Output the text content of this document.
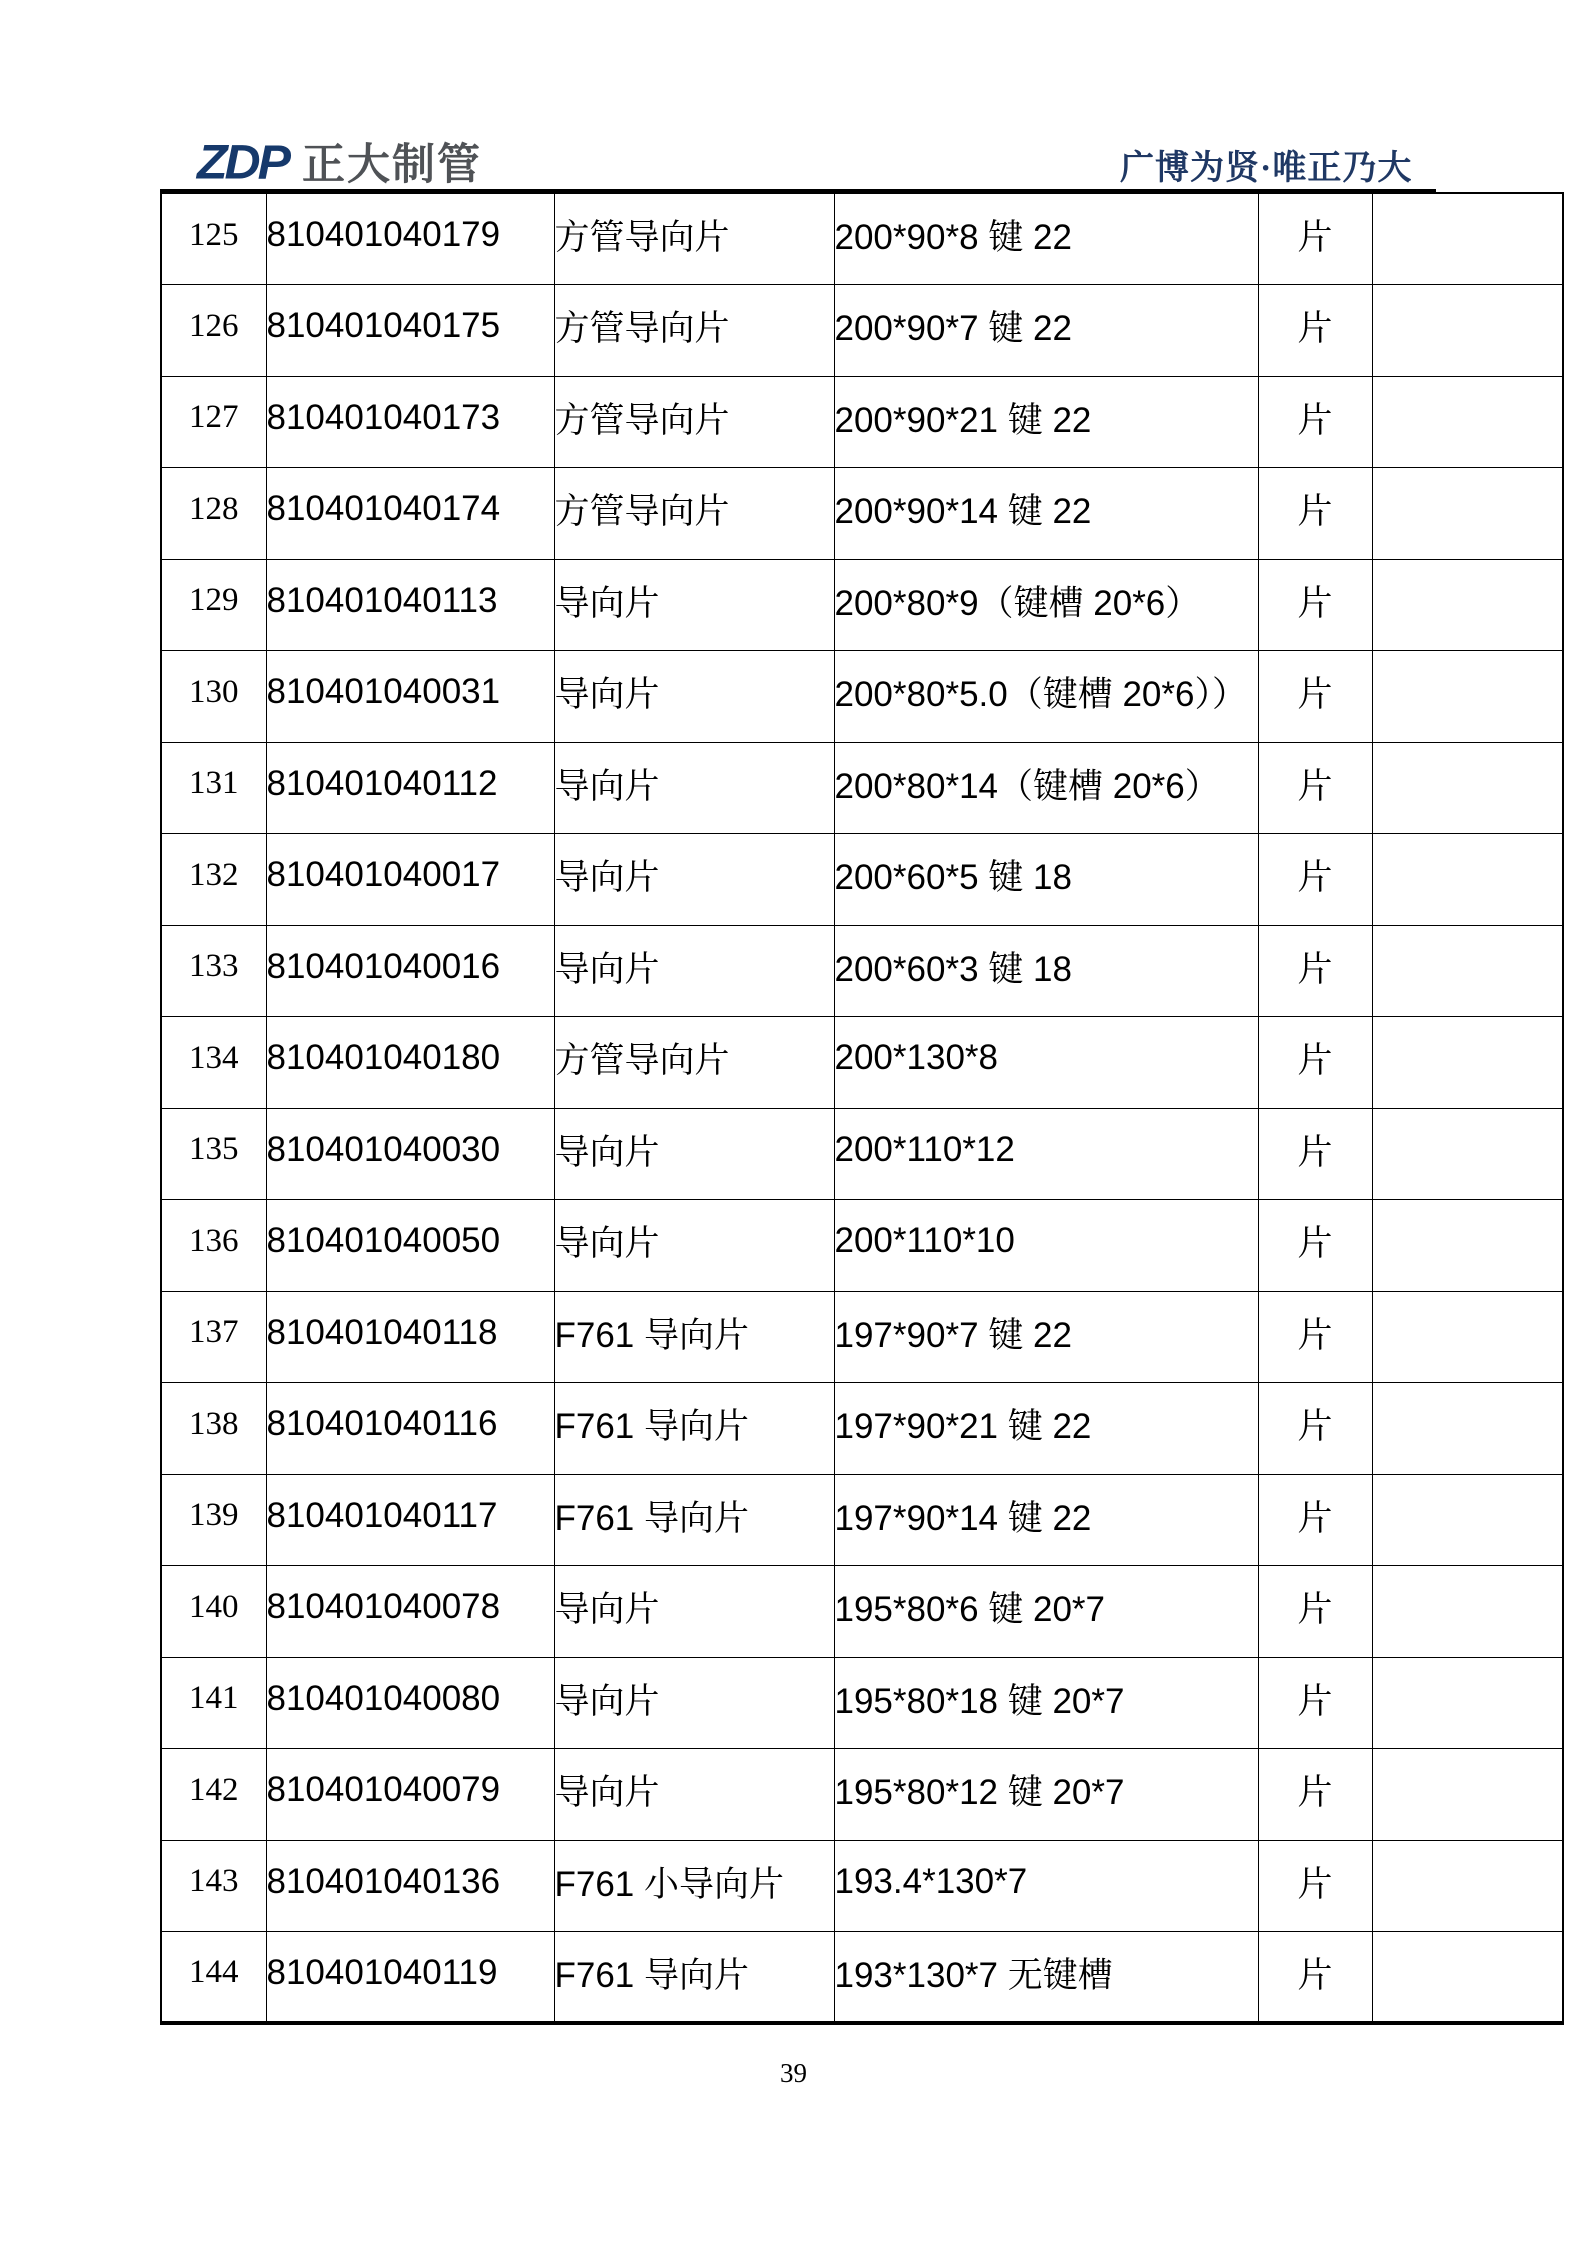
ZDP 正大制管	广博为贤·唯正乃大
125	810401040179	方管导向片	200*90*8 键 22	片	
126	810401040175	方管导向片	200*90*7 键 22	片	
127	810401040173	方管导向片	200*90*21 键 22	片	
128	810401040174	方管导向片	200*90*14 键 22	片	
129	810401040113	导向片	200*80*9（键槽 20*6）	片	
130	810401040031	导向片	200*80*5.0（键槽 20*6））	片	
131	810401040112	导向片	200*80*14（键槽 20*6）	片	
132	810401040017	导向片	200*60*5 键 18	片	
133	810401040016	导向片	200*60*3 键 18	片	
134	810401040180	方管导向片	200*130*8	片	
135	810401040030	导向片	200*110*12	片	
136	810401040050	导向片	200*110*10	片	
137	810401040118	F761 导向片	197*90*7 键 22	片	
138	810401040116	F761 导向片	197*90*21 键 22	片	
139	810401040117	F761 导向片	197*90*14 键 22	片	
140	810401040078	导向片	195*80*6 键 20*7	片	
141	810401040080	导向片	195*80*18 键 20*7	片	
142	810401040079	导向片	195*80*12 键 20*7	片	
143	810401040136	F761 小导向片	193.4*130*7	片	
144	810401040119	F761 导向片	193*130*7 无键槽	片	
39
